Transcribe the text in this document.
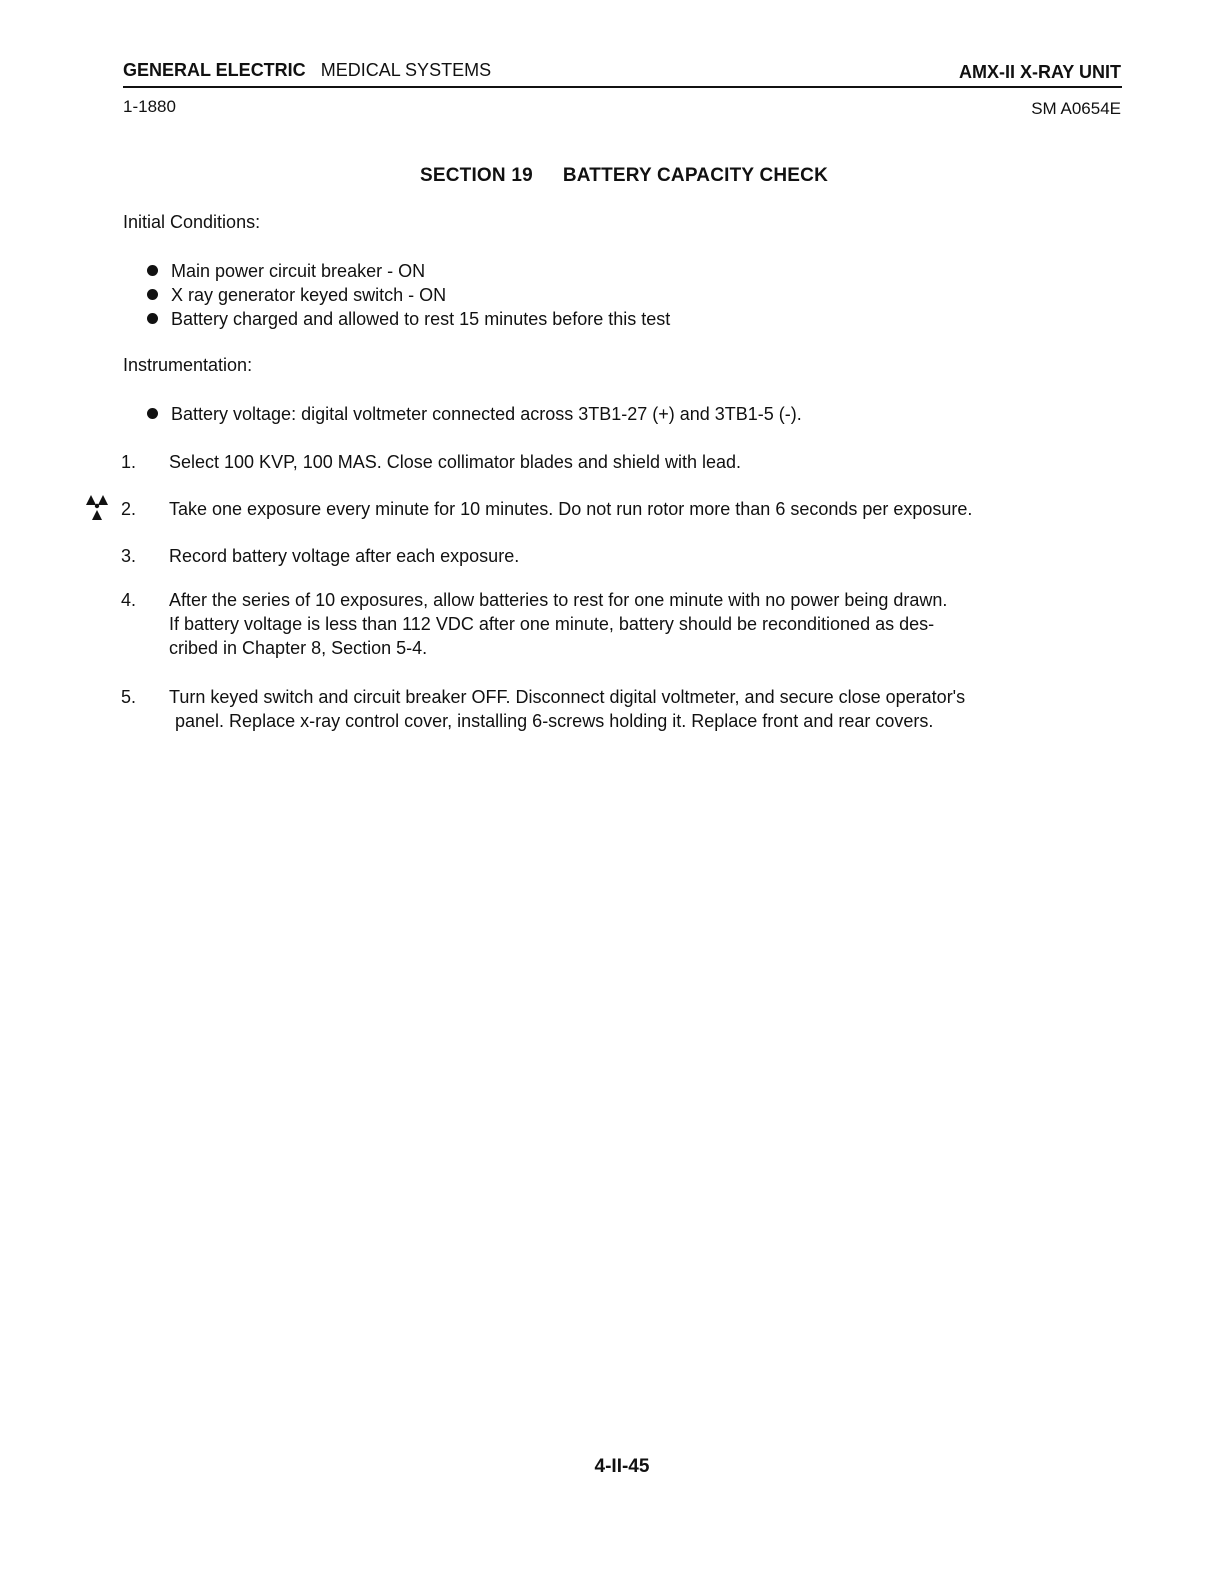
GENERAL ELECTRIC MEDICAL SYSTEMS	AMX-II X-RAY UNIT
1-1880	SM A0654E
SECTION 19 BATTERY CAPACITY CHECK
Initial Conditions:
Main power circuit breaker - ON
X ray generator keyed switch - ON
Battery charged and allowed to rest 15 minutes before this test
Instrumentation:
Battery voltage: digital voltmeter connected across 3TB1-27 (+) and 3TB1-5 (-).
1. Select 100 KVP, 100 MAS. Close collimator blades and shield with lead.
2. Take one exposure every minute for 10 minutes. Do not run rotor more than 6 seconds per exposure.
3. Record battery voltage after each exposure.
4. After the series of 10 exposures, allow batteries to rest for one minute with no power being drawn.
If battery voltage is less than 112 VDC after one minute, battery should be reconditioned as des-
cribed in Chapter 8, Section 5-4.
5. Turn keyed switch and circuit breaker OFF. Disconnect digital voltmeter, and secure close operator's
panel. Replace x-ray control cover, installing 6-screws holding it. Replace front and rear covers.
4-II-45
